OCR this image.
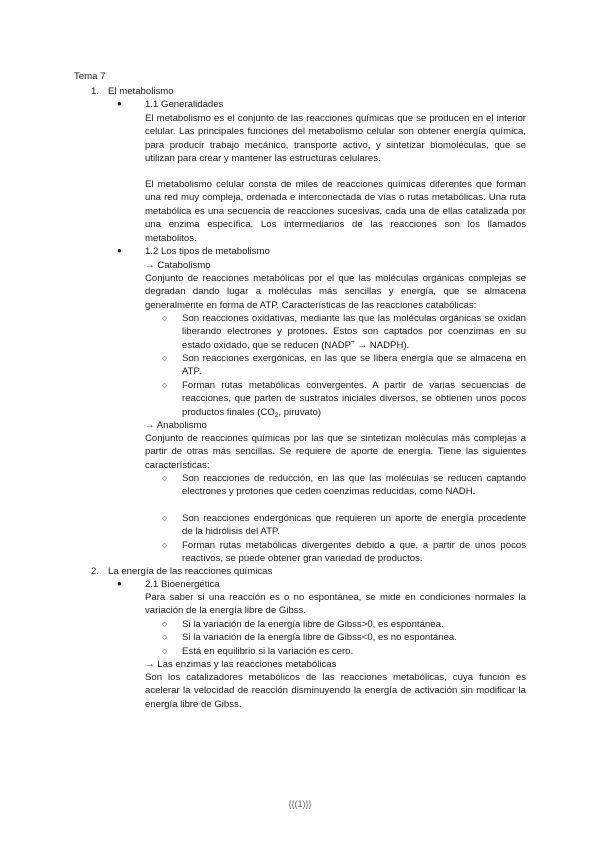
Tema 7
1. El metabolismo
● 1.1 Generalidades
El metabolismo es el conjunto de las reacciones químicas que se producen en el interior celular. Las principales funciones del metabolismo celular son obtener energía química, para producir trabajo mecánico, transporte activo, y sintetizar biomoléculas, que se utilizan para crear y mantener las estructuras celulares.
El metabolismo celular consta de miles de reacciones químicas diferentes que forman una red muy compleja, ordenada e interconectada de vías o rutas metabólicas. Una ruta metabólica es una secuencia de reacciones sucesivas, cada una de ellas catalizada por una enzima específica. Los intermediarios de las reacciones son los llamados metabolitos.
● 1.2 Los tipos de metabolismo
→ Catabolismo
Conjunto de reacciones metabólicas por el que las moléculas orgánicas complejas se degradan dando lugar a moléculas más sencillas y energía, que se almacena generalmente en forma de ATP. Características de las reacciones catabólicas:
○ Son reacciones oxidativas, mediante las que las moléculas orgánicas se oxidan liberando electrones y protones. Estos son captados por coenzimas en su estado oxidado, que se reducen (NADP+ → NADPH).
○ Son reacciones exergónicas, en las que se libera energía que se almacena en ATP.
○ Forman rutas metabólicas convergentes. A partir de varias secuencias de reacciones, que parten de sustratos iniciales diversos, se obtienen unos pocos productos finales ($CO_2$, piruvato)
→ Anabolismo
Conjunto de reacciones químicas por las que se sintetizan moléculas más complejas a partir de otras más sencillas. Se requiere de aporte de energía. Tiene las siguientes características:
○ Son reacciones de reducción, en las que las moléculas se reducen captando electrones y protones que ceden coenzimas reducidas, como NADH.
○ Son reacciones endergónicas que requieren un aporte de energía procedente de la hidrólisis del ATP.
○ Forman rutas metabólicas divergentes debido a que, a partir de unos pocos reactivos, se puede obtener gran variedad de productos.
2. La energía de las reacciones químicas
● 2.1 Bioenergética
Para saber si una reacción es o no espontánea, se mide en condiciones normales la variación de la energía libre de Gibss.
○ Si la variación de la energía libre de Gibss>0, es espontánea.
○ Si la variación de la energía libre de Gibss<0, es no espontánea.
○ Está en equilibrio si la variación es cero.
→ Las enzimas y las reacciones metabólicas
Son los catalizadores metabólicos de las reacciones metabólicas, cuya función es acelerar la velocidad de reacción disminuyendo la energía de activación sin modificar la energía libre de Gibss.
{{(1)}}
